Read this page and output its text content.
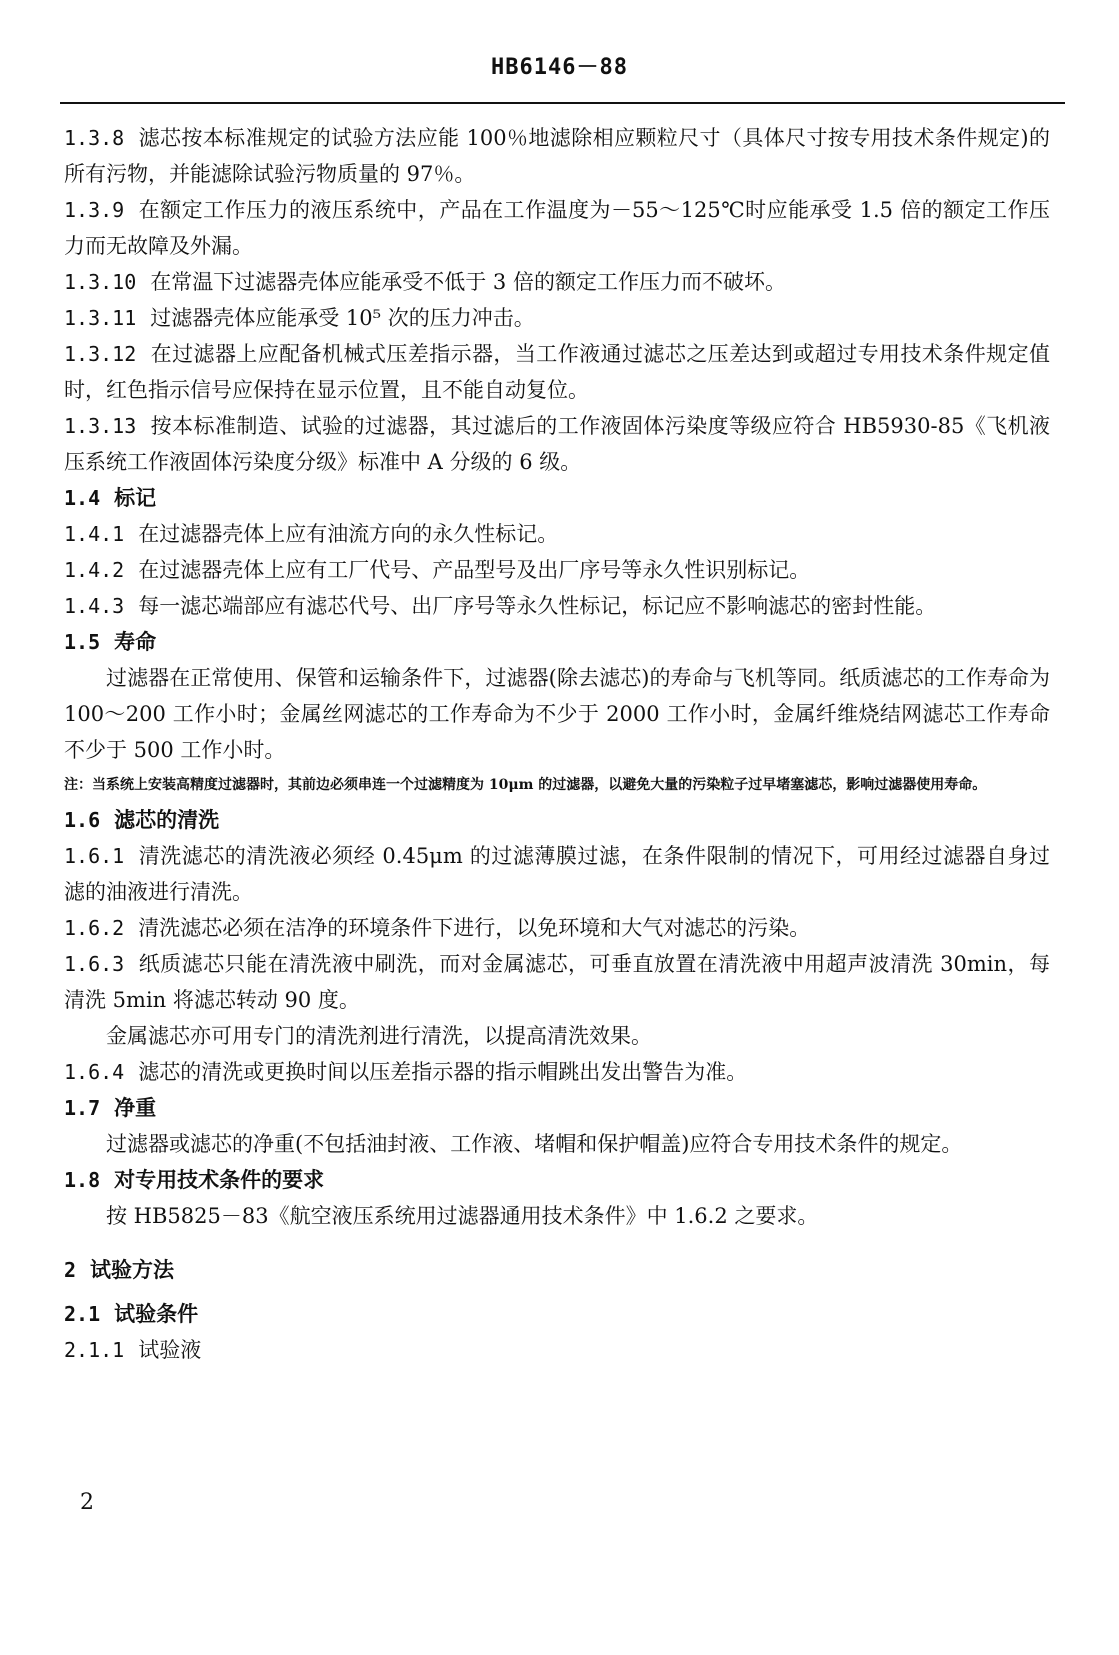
HB6146－88

1.3.8 滤芯按本标准规定的试验方法应能 100％地滤除相应颗粒尺寸（具体尺寸按专用技术条件规定)的所有污物，并能滤除试验污物质量的 97％。

1.3.9 在额定工作压力的液压系统中，产品在工作温度为－55～125℃时应能承受 1.5 倍的额定工作压力而无故障及外漏。

1.3.10 在常温下过滤器壳体应能承受不低于 3 倍的额定工作压力而不破坏。

1.3.11 过滤器壳体应能承受 10⁵ 次的压力冲击。

1.3.12 在过滤器上应配备机械式压差指示器，当工作液通过滤芯之压差达到或超过专用技术条件规定值时，红色指示信号应保持在显示位置，且不能自动复位。

1.3.13 按本标准制造、试验的过滤器，其过滤后的工作液固体污染度等级应符合 HB5930-85《飞机液压系统工作液固体污染度分级》标准中 A 分级的 6 级。

1.4 标记

1.4.1 在过滤器壳体上应有油流方向的永久性标记。

1.4.2 在过滤器壳体上应有工厂代号、产品型号及出厂序号等永久性识别标记。

1.4.3 每一滤芯端部应有滤芯代号、出厂序号等永久性标记，标记应不影响滤芯的密封性能。

1.5 寿命

过滤器在正常使用、保管和运输条件下，过滤器(除去滤芯)的寿命与飞机等同。纸质滤芯的工作寿命为 100～200 工作小时；金属丝网滤芯的工作寿命为不少于 2000 工作小时，金属纤维烧结网滤芯工作寿命不少于 500 工作小时。

注：当系统上安装高精度过滤器时，其前边必须串连一个过滤精度为 10μm 的过滤器，以避免大量的污染粒子过早堵塞滤芯，影响过滤器使用寿命。

1.6 滤芯的清洗

1.6.1 清洗滤芯的清洗液必须经 0.45μm 的过滤薄膜过滤，在条件限制的情况下，可用经过滤器自身过滤的油液进行清洗。

1.6.2 清洗滤芯必须在洁净的环境条件下进行，以免环境和大气对滤芯的污染。

1.6.3 纸质滤芯只能在清洗液中刷洗，而对金属滤芯，可垂直放置在清洗液中用超声波清洗 30min，每清洗 5min 将滤芯转动 90 度。

金属滤芯亦可用专门的清洗剂进行清洗，以提高清洗效果。

1.6.4 滤芯的清洗或更换时间以压差指示器的指示帽跳出发出警告为准。

1.7 净重

过滤器或滤芯的净重(不包括油封液、工作液、堵帽和保护帽盖)应符合专用技术条件的规定。

1.8 对专用技术条件的要求

按 HB5825－83《航空液压系统用过滤器通用技术条件》中 1.6.2 之要求。

2 试验方法

2.1 试验条件

2.1.1 试验液

2
